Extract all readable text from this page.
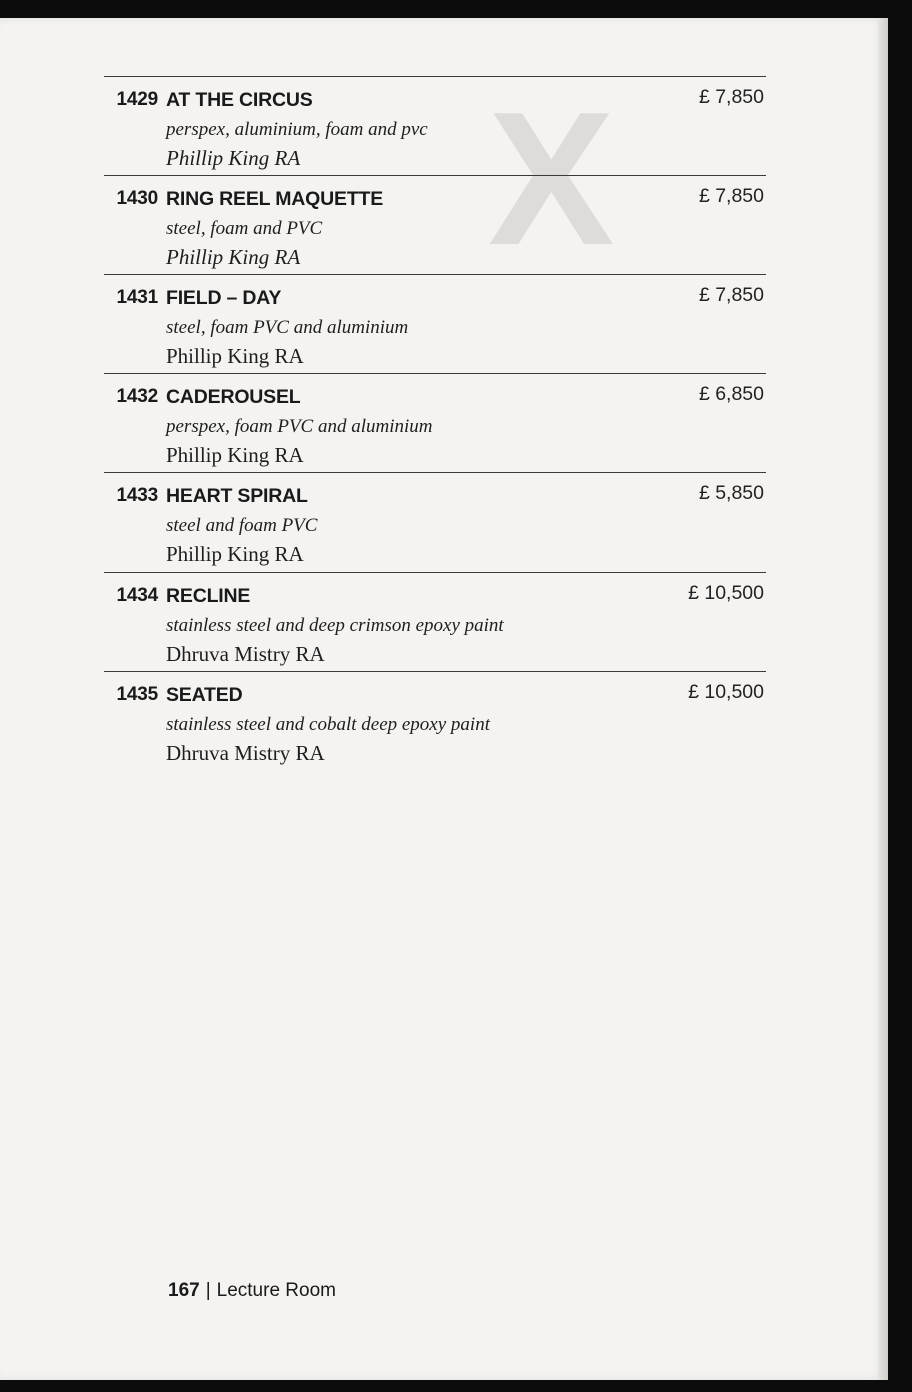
X
1429 AT THE CIRCUS	£ 7,850
perspex, aluminium, foam and pvc
Phillip King RA
1430 RING REEL MAQUETTE	£ 7,850
steel, foam and PVC
Phillip King RA
1431 FIELD – DAY	£ 7,850
steel, foam PVC and aluminium
Phillip King RA
1432 CADEROUSEL	£ 6,850
perspex, foam PVC and aluminium
Phillip King RA
1433 HEART SPIRAL	£ 5,850
steel and foam PVC
Phillip King RA
1434 RECLINE	£ 10,500
stainless steel and deep crimson epoxy paint
Dhruva Mistry RA
1435 SEATED	£ 10,500
stainless steel and cobalt deep epoxy paint
Dhruva Mistry RA
167 | Lecture Room
